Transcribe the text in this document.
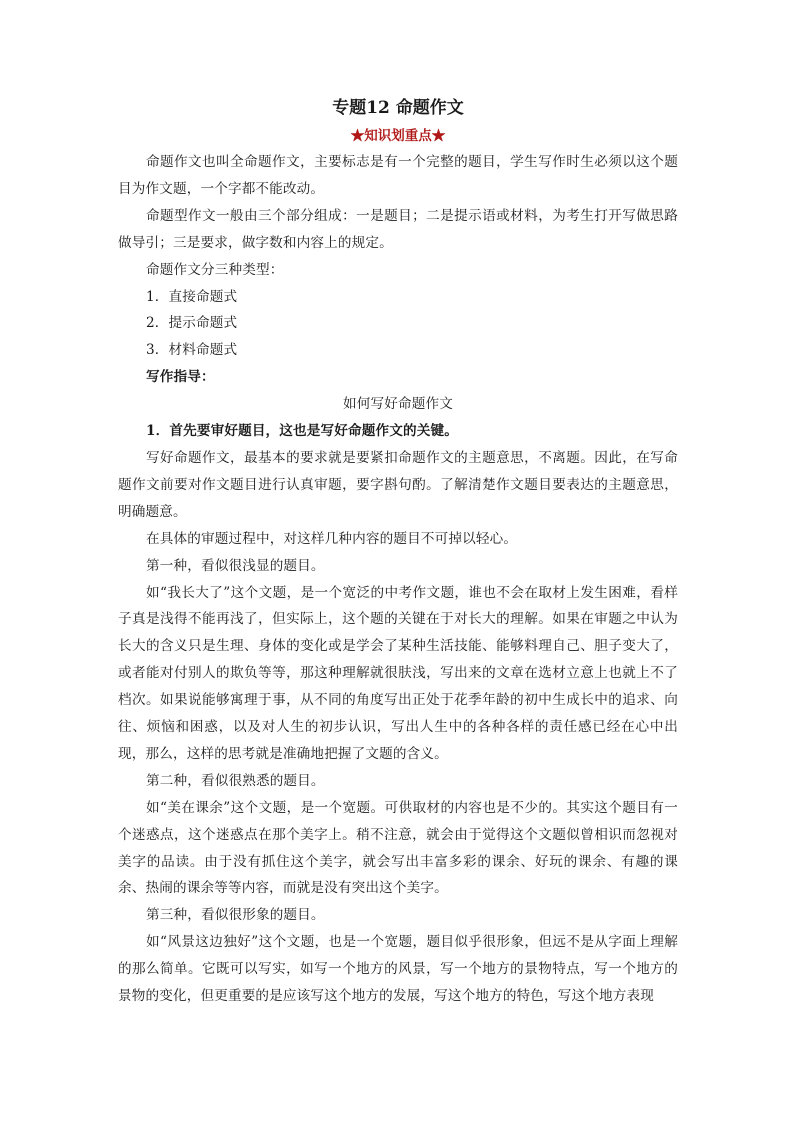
专题12 命题作文
★知识划重点★

命题作文也叫全命题作文，主要标志是有一个完整的题目，学生写作时生必须以这个题目为作文题，一个字都不能改动。

命题型作文一般由三个部分组成：一是题目；二是提示语或材料，为考生打开写做思路做导引；三是要求，做字数和内容上的规定。

命题作文分三种类型：

1．直接命题式

2．提示命题式

3．材料命题式

写作指导：

如何写好命题作文

1．首先要审好题目，这也是写好命题作文的关键。

写好命题作文，最基本的要求就是要紧扣命题作文的主题意思，不离题。因此，在写命题作文前要对作文题目进行认真审题，要字斟句酌。了解清楚作文题目要表达的主题意思，明确题意。

在具体的审题过程中，对这样几种内容的题目不可掉以轻心。

第一种，看似很浅显的题目。

如“我长大了”这个文题，是一个宽泛的中考作文题，谁也不会在取材上发生困难，看样子真是浅得不能再浅了，但实际上，这个题的关键在于对长大的理解。如果在审题之中认为长大的含义只是生理、身体的变化或是学会了某种生活技能、能够料理自己、胆子变大了，或者能对付别人的欺负等等，那这种理解就很肤浅，写出来的文章在选材立意上也就上不了档次。如果说能够寓理于事，从不同的角度写出正处于花季年龄的初中生成长中的追求、向往、烦恼和困惑，以及对人生的初步认识，写出人生中的各种各样的责任感已经在心中出现，那么，这样的思考就是准确地把握了文题的含义。

第二种，看似很熟悉的题目。

如“美在课余”这个文题，是一个宽题。可供取材的内容也是不少的。其实这个题目有一个迷惑点，这个迷惑点在那个美字上。稍不注意，就会由于觉得这个文题似曾相识而忽视对美字的品读。由于没有抓住这个美字，就会写出丰富多彩的课余、好玩的课余、有趣的课余、热闹的课余等等内容，而就是没有突出这个美字。

第三种，看似很形象的题目。

如“风景这边独好”这个文题，也是一个宽题，题目似乎很形象，但远不是从字面上理解的那么简单。它既可以写实，如写一个地方的风景，写一个地方的景物特点，写一个地方的景物的变化，但更重要的是应该写这个地方的发展，写这个地方的特色，写这个地方表现
